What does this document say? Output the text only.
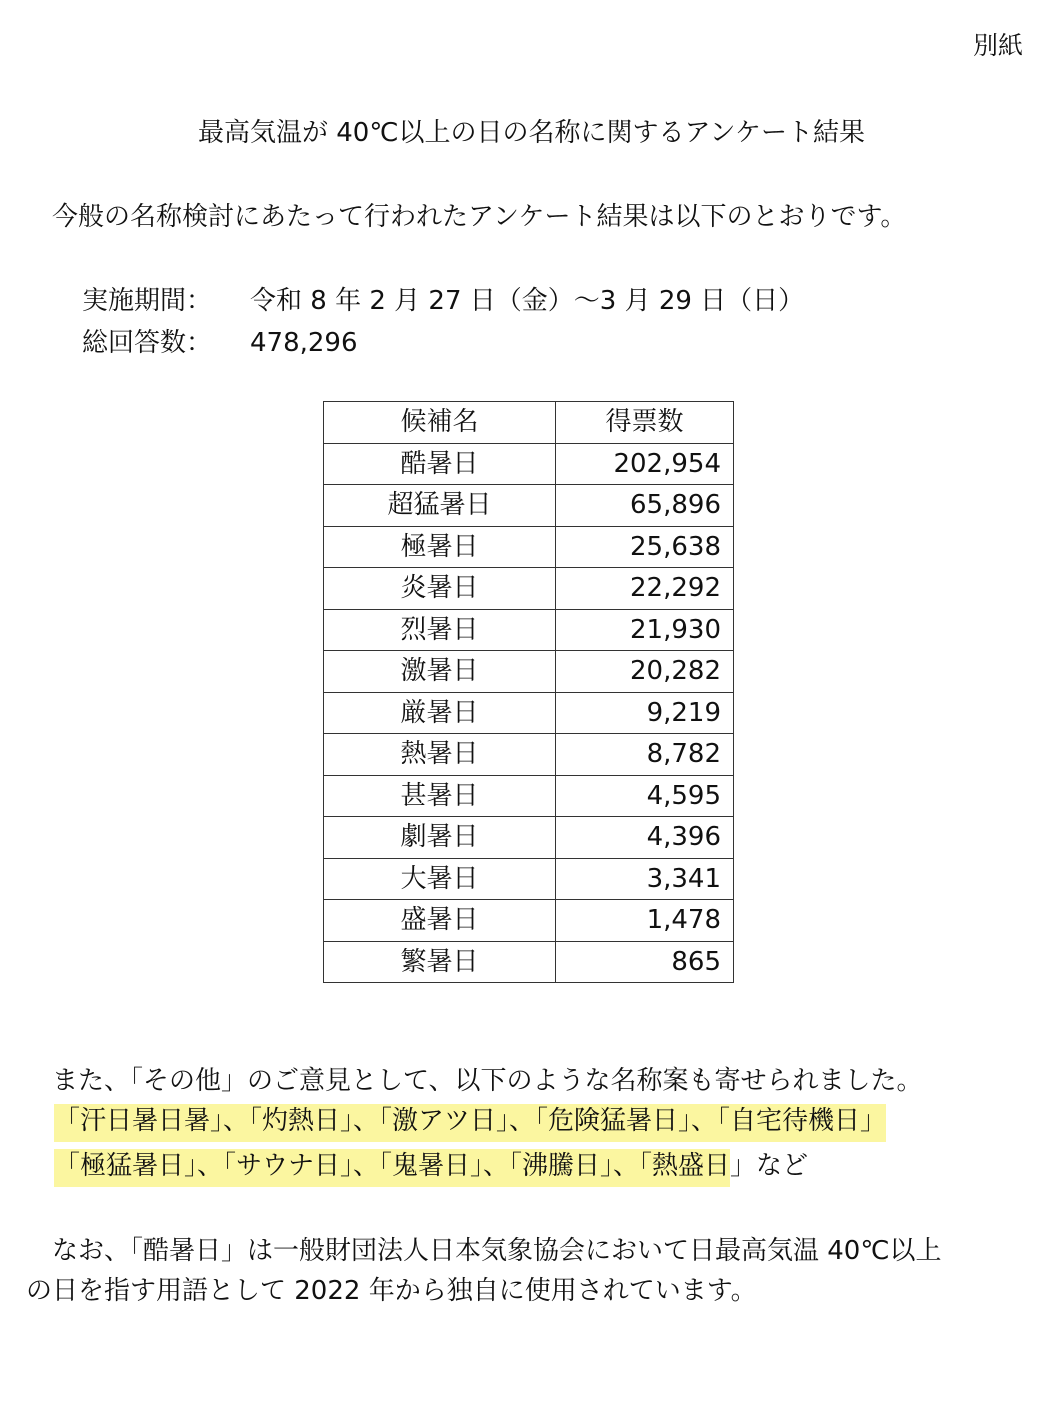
別紙
最高気温が 40℃以上の日の名称に関するアンケート結果
今般の名称検討にあたって行われたアンケート結果は以下のとおりです。
実施期間： 令和 8 年 2 月 27 日（金）～3 月 29 日（日）
総回答数： 478,296
候補名	得票数
酷暑日	202,954
超猛暑日	65,896
極暑日	25,638
炎暑日	22,292
烈暑日	21,930
激暑日	20,282
厳暑日	9,219
熱暑日	8,782
甚暑日	4,595
劇暑日	4,396
大暑日	3,341
盛暑日	1,478
繁暑日	865
また、「その他」のご意見として、以下のような名称案も寄せられました。
「汗日暑日暑」、「灼熱日」、「激アツ日」、「危険猛暑日」、「自宅待機日」
「極猛暑日」、「サウナ日」、「鬼暑日」、「沸騰日」、「熱盛日」など
なお、「酷暑日」は一般財団法人日本気象協会において日最高気温 40℃以上
の日を指す用語として 2022 年から独自に使用されています。
